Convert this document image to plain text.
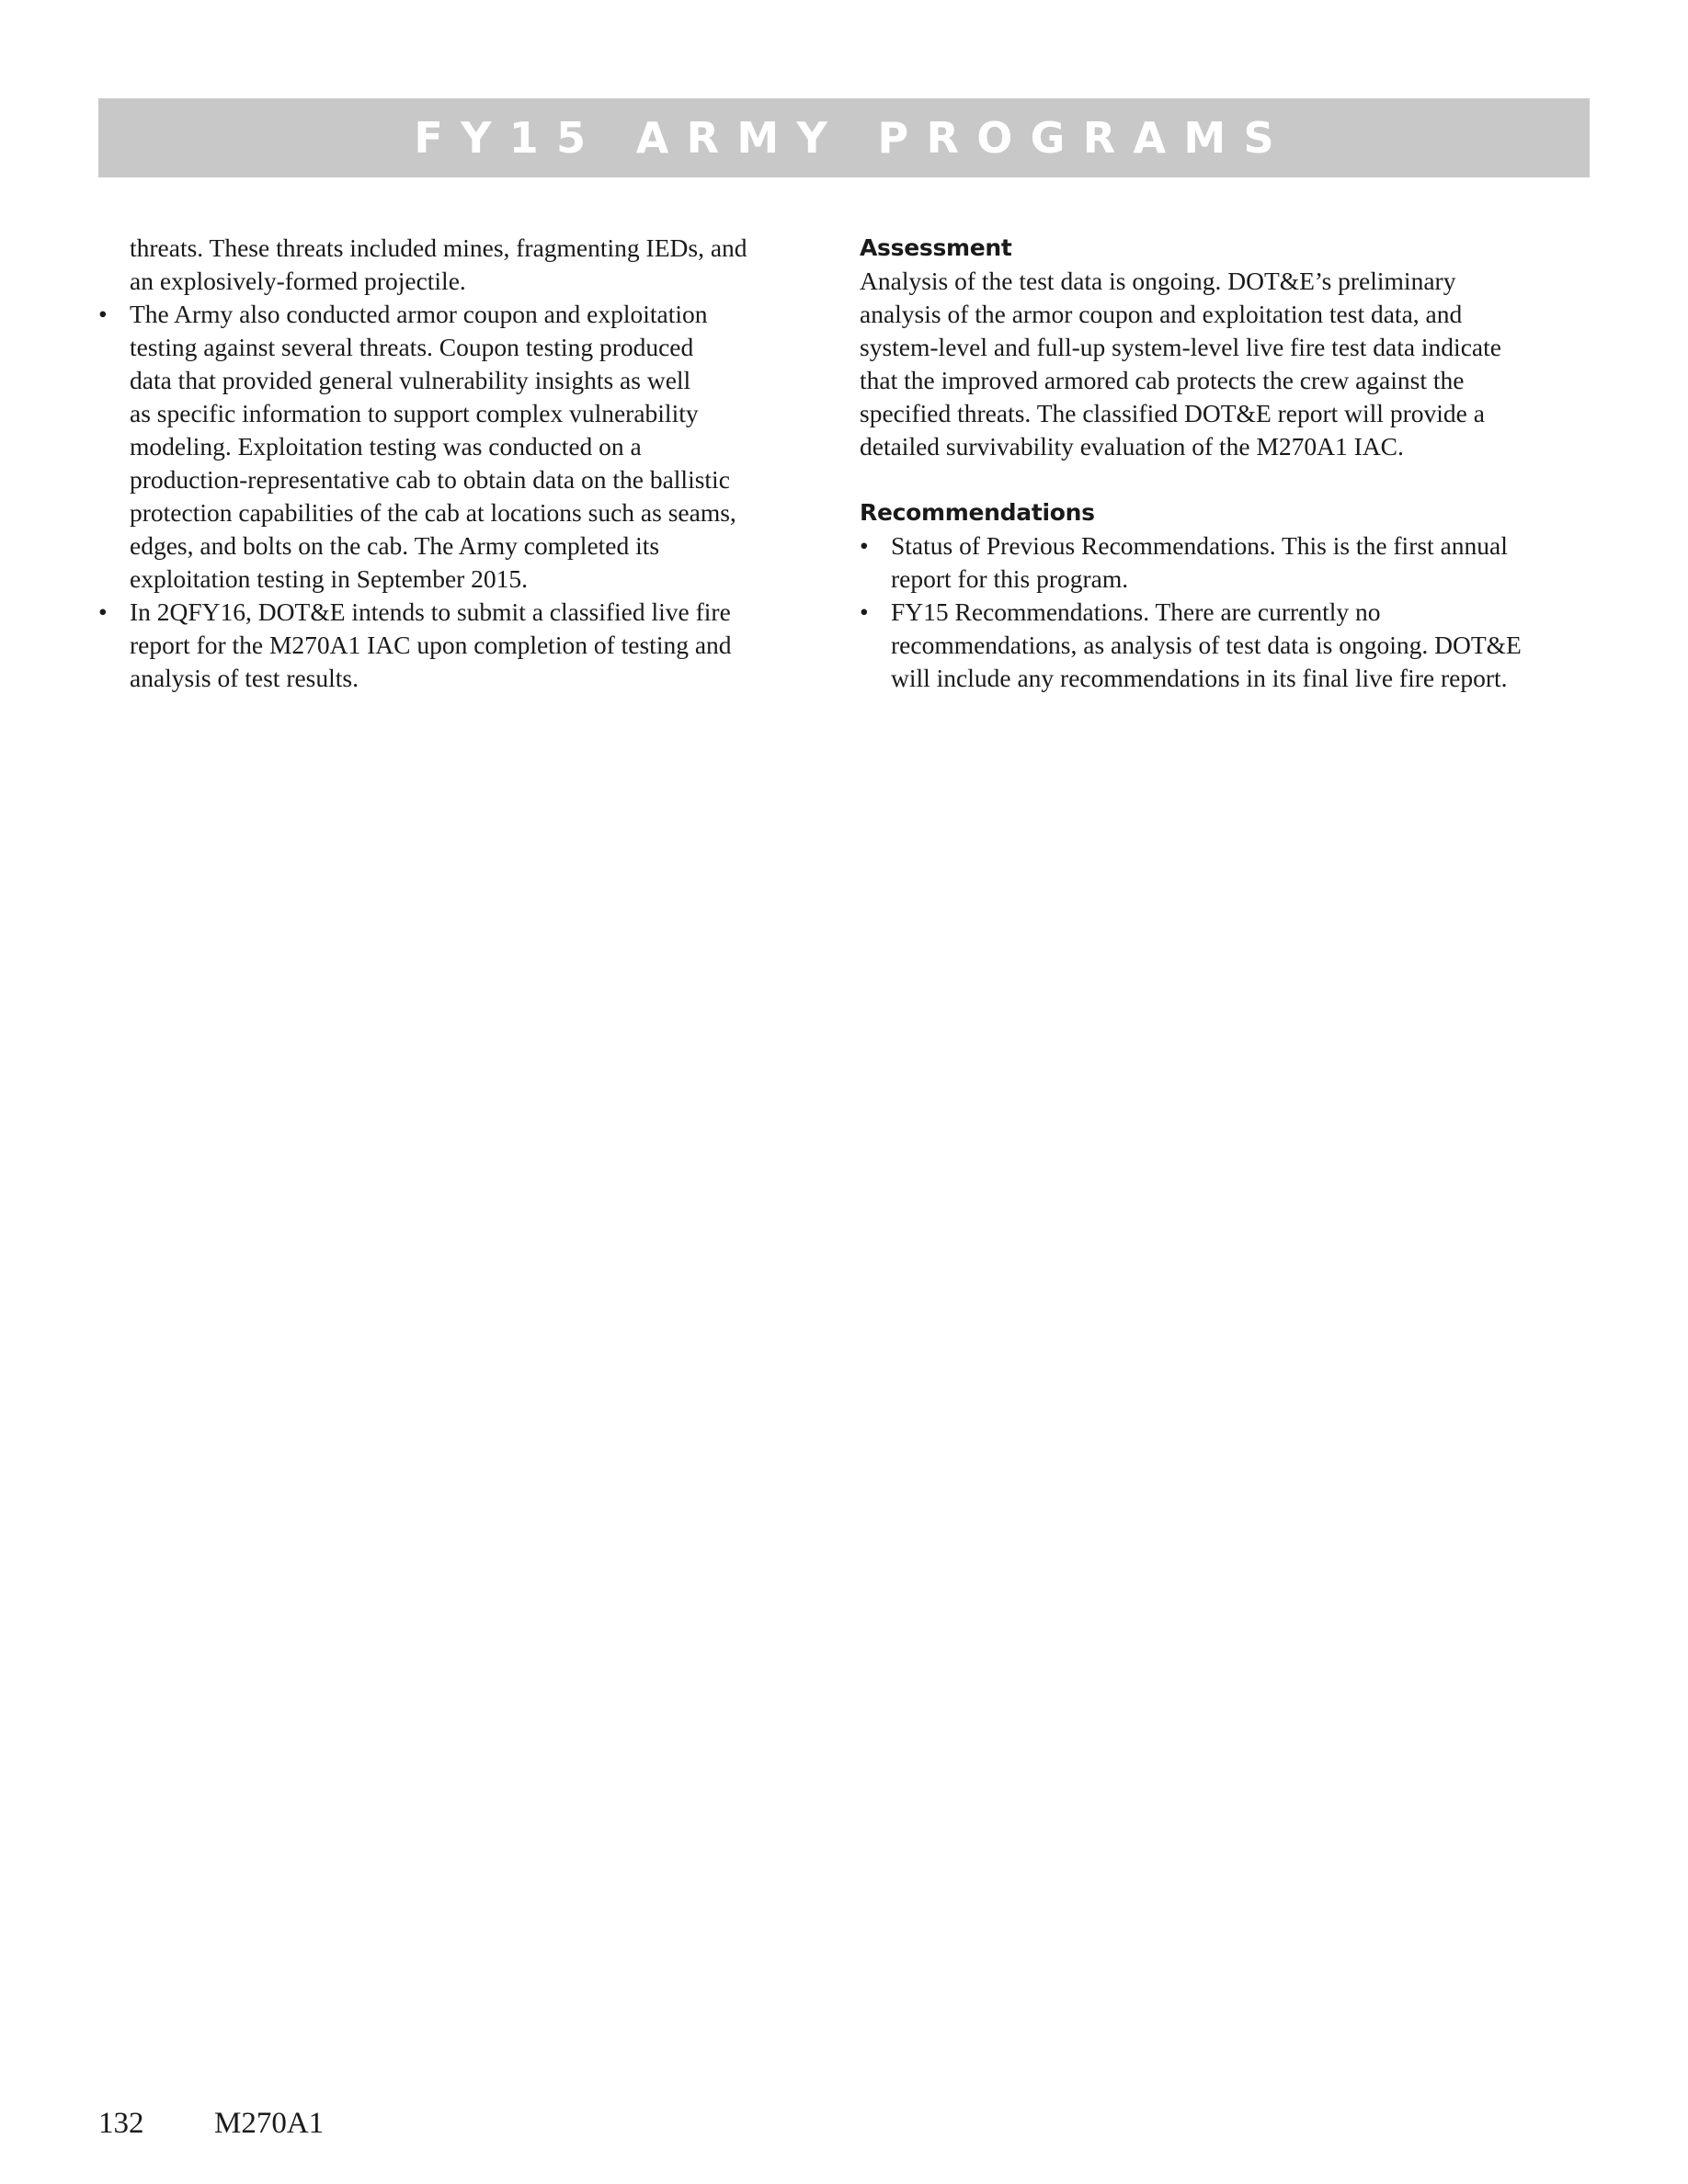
FY15 ARMY PROGRAMS
threats. These threats included mines, fragmenting IEDs, and
an explosively-formed projectile.
• The Army also conducted armor coupon and exploitation
testing against several threats. Coupon testing produced
data that provided general vulnerability insights as well
as specific information to support complex vulnerability
modeling. Exploitation testing was conducted on a
production-representative cab to obtain data on the ballistic
protection capabilities of the cab at locations such as seams,
edges, and bolts on the cab. The Army completed its
exploitation testing in September 2015.
• In 2QFY16, DOT&E intends to submit a classified live fire
report for the M270A1 IAC upon completion of testing and
analysis of test results.
Assessment
Analysis of the test data is ongoing. DOT&E’s preliminary
analysis of the armor coupon and exploitation test data, and
system-level and full-up system-level live fire test data indicate
that the improved armored cab protects the crew against the
specified threats. The classified DOT&E report will provide a
detailed survivability evaluation of the M270A1 IAC.
Recommendations
• Status of Previous Recommendations. This is the first annual
report for this program.
• FY15 Recommendations. There are currently no
recommendations, as analysis of test data is ongoing. DOT&E
will include any recommendations in its final live fire report.
132 M270A1
